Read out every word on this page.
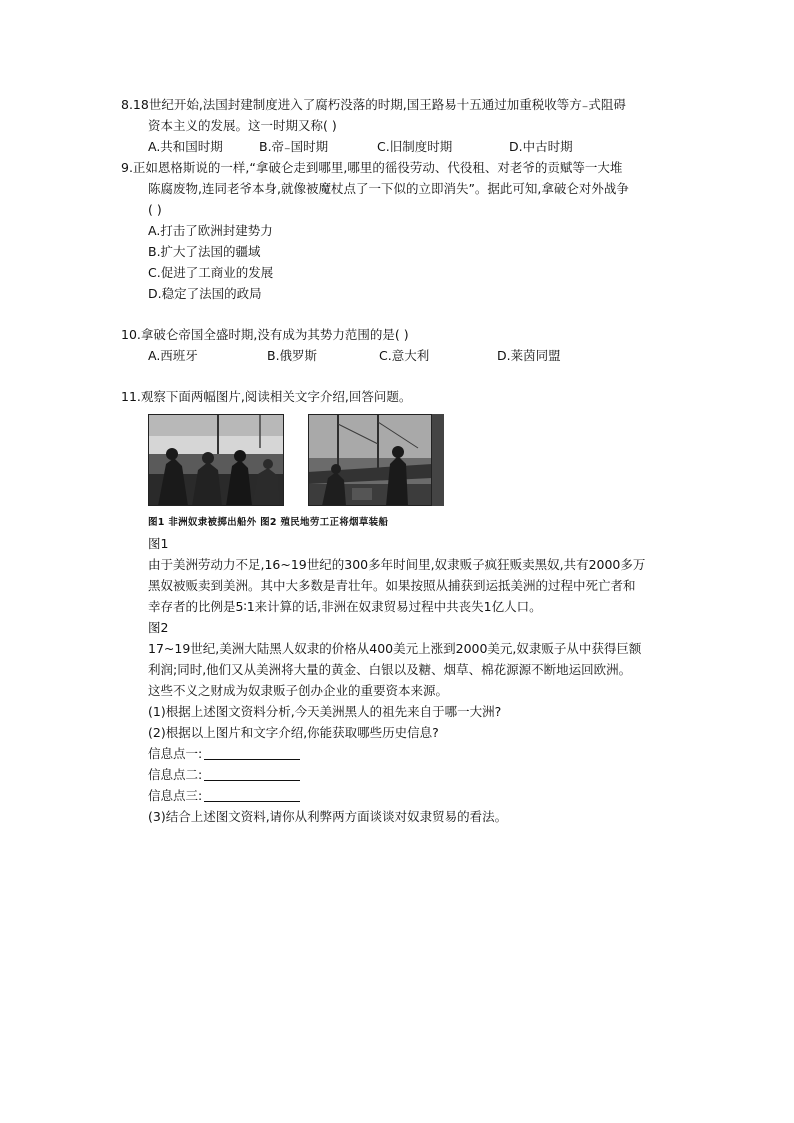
8.18世纪开始,法国封建制度进入了腐朽没落的时期,国王路易十五通过加重税收等方₋式阻碍
资本主义的发展。这一时期又称( )
A.共和国时期	B.帝₋国时期	C.旧制度时期	D.中古时期
9.正如恩格斯说的一样,“拿破仑走到哪里,哪里的徭役劳动、代役租、对老爷的贡赋等一大堆
陈腐废物,连同老爷本身,就像被魔杖点了一下似的立即消失”。据此可知,拿破仑对外战争
( )
A.打击了欧洲封建势力
B.扩大了法国的疆域
C.促进了工商业的发展
D.稳定了法国的政局
10.拿破仑帝国全盛时期,没有成为其势力范围的是( )
A.西班牙	B.俄罗斯	C.意大利	D.莱茵同盟
11.观察下面两幅图片,阅读相关文字介绍,回答问题。
图1 非洲奴隶被掷出船外 图2 殖民地劳工正将烟草装船
图1
由于美洲劳动力不足,16~19世纪的300多年时间里,奴隶贩子疯狂贩卖黑奴,共有2000多万
黑奴被贩卖到美洲。其中大多数是青壮年。如果按照从捕获到运抵美洲的过程中死亡者和
幸存者的比例是5∶1来计算的话,非洲在奴隶贸易过程中共丧失1亿人口。
图2
17~19世纪,美洲大陆黑人奴隶的价格从400美元上涨到2000美元,奴隶贩子从中获得巨额
利润;同时,他们又从美洲将大量的黄金、白银以及糖、烟草、棉花源源不断地运回欧洲。
这些不义之财成为奴隶贩子创办企业的重要资本来源。
(1)根据上述图文资料分析,今天美洲黑人的祖先来自于哪一大洲?
(2)根据以上图片和文字介绍,你能获取哪些历史信息?
信息点一:
信息点二:
信息点三:
(3)结合上述图文资料,请你从利弊两方面谈谈对奴隶贸易的看法。
